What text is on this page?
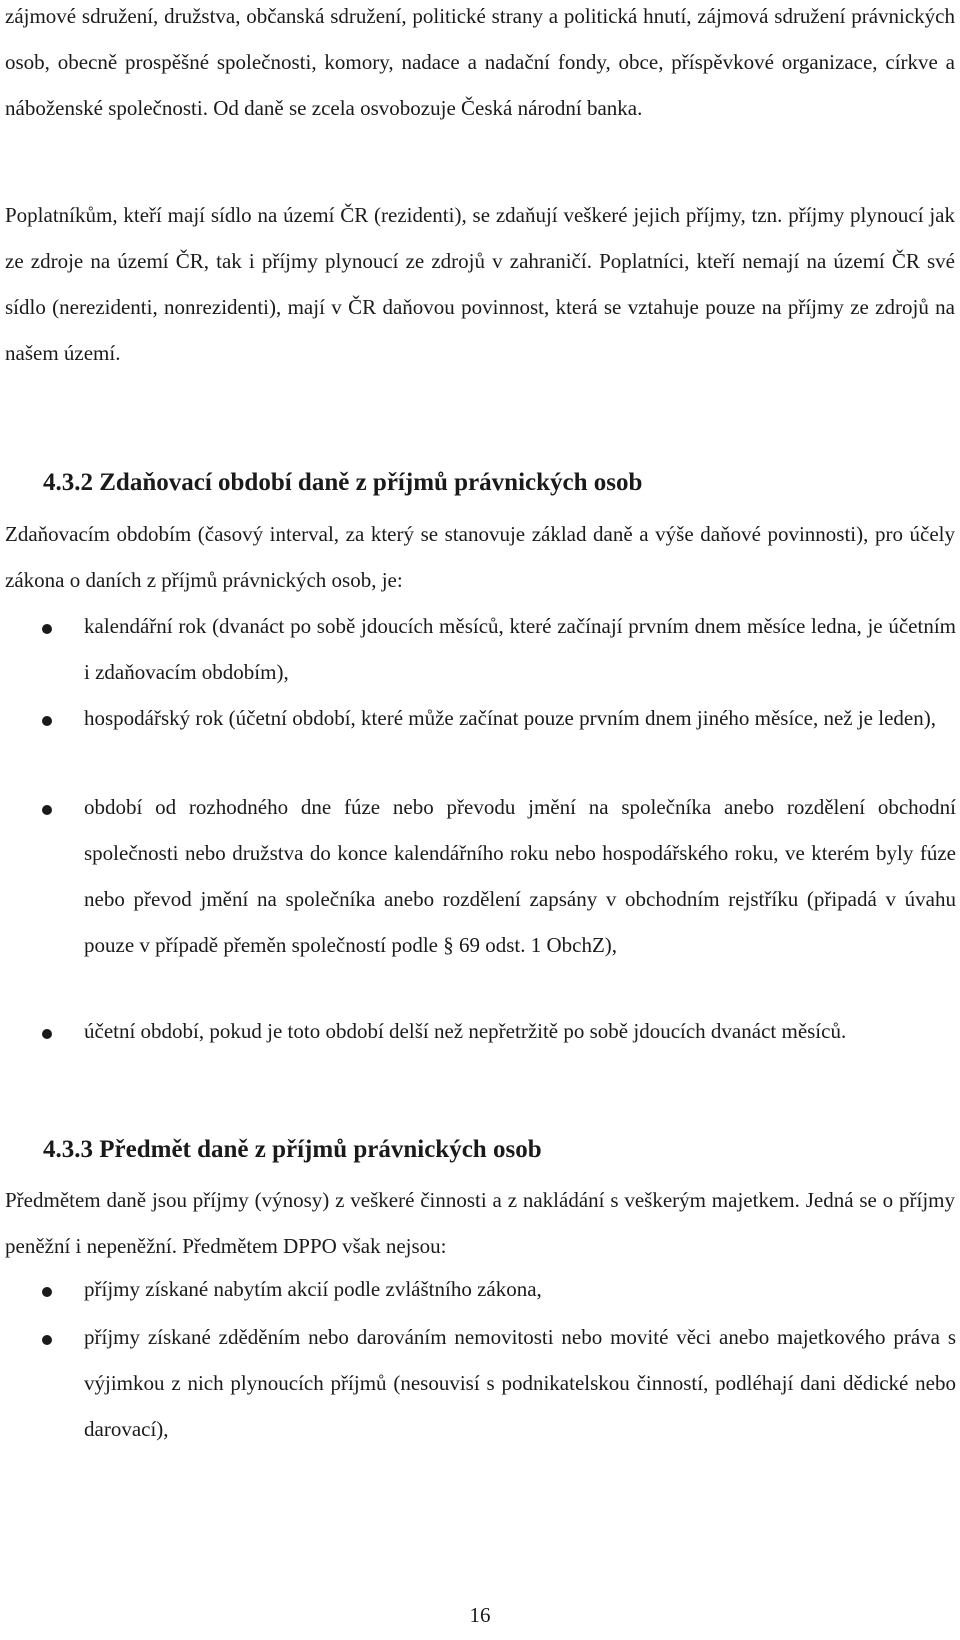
zájmové sdružení, družstva, občanská sdružení, politické strany a politická hnutí, zájmová sdružení právnických osob, obecně prospěšné společnosti, komory, nadace a nadační fondy, obce, příspěvkové organizace, církve a náboženské společnosti. Od daně se zcela osvobozuje Česká národní banka.

Poplatníkům, kteří mají sídlo na území ČR (rezidenti), se zdaňují veškeré jejich příjmy, tzn. příjmy plynoucí jak ze zdroje na území ČR, tak i příjmy plynoucí ze zdrojů v zahraničí. Poplatníci, kteří nemají na území ČR své sídlo (nerezidenti, nonrezidenti), mají v ČR daňovou povinnost, která se vztahuje pouze na příjmy ze zdrojů na našem území.

4.3.2 Zdaňovací období daně z příjmů právnických osob

Zdaňovacím obdobím (časový interval, za který se stanovuje základ daně a výše daňové povinnosti), pro účely zákona o daních z příjmů právnických osob, je:

kalendářní rok (dvanáct po sobě jdoucích měsíců, které začínají prvním dnem měsíce ledna, je účetním i zdaňovacím obdobím),

hospodářský rok (účetní období, které může začínat pouze prvním dnem jiného měsíce, než je leden),

období od rozhodného dne fúze nebo převodu jmění na společníka anebo rozdělení obchodní společnosti nebo družstva do konce kalendářního roku nebo hospodářského roku, ve kterém byly fúze nebo převod jmění na společníka anebo rozdělení zapsány v obchodním rejstříku (připadá v úvahu pouze v případě přeměn společností podle § 69 odst. 1 ObchZ),

účetní období, pokud je toto období delší než nepřetržitě po sobě jdoucích dvanáct měsíců.

4.3.3 Předmět daně z příjmů právnických osob

Předmětem daně jsou příjmy (výnosy) z veškeré činnosti a z nakládání s veškerým majetkem. Jedná se o příjmy peněžní i nepeněžní. Předmětem DPPO však nejsou:

příjmy získané nabytím akcií podle zvláštního zákona,

příjmy získané zděděním nebo darováním nemovitosti nebo movité věci anebo majetkového práva s výjimkou z nich plynoucích příjmů (nesouvisí s podnikatelskou činností, podléhají dani dědické nebo darovací),

16
